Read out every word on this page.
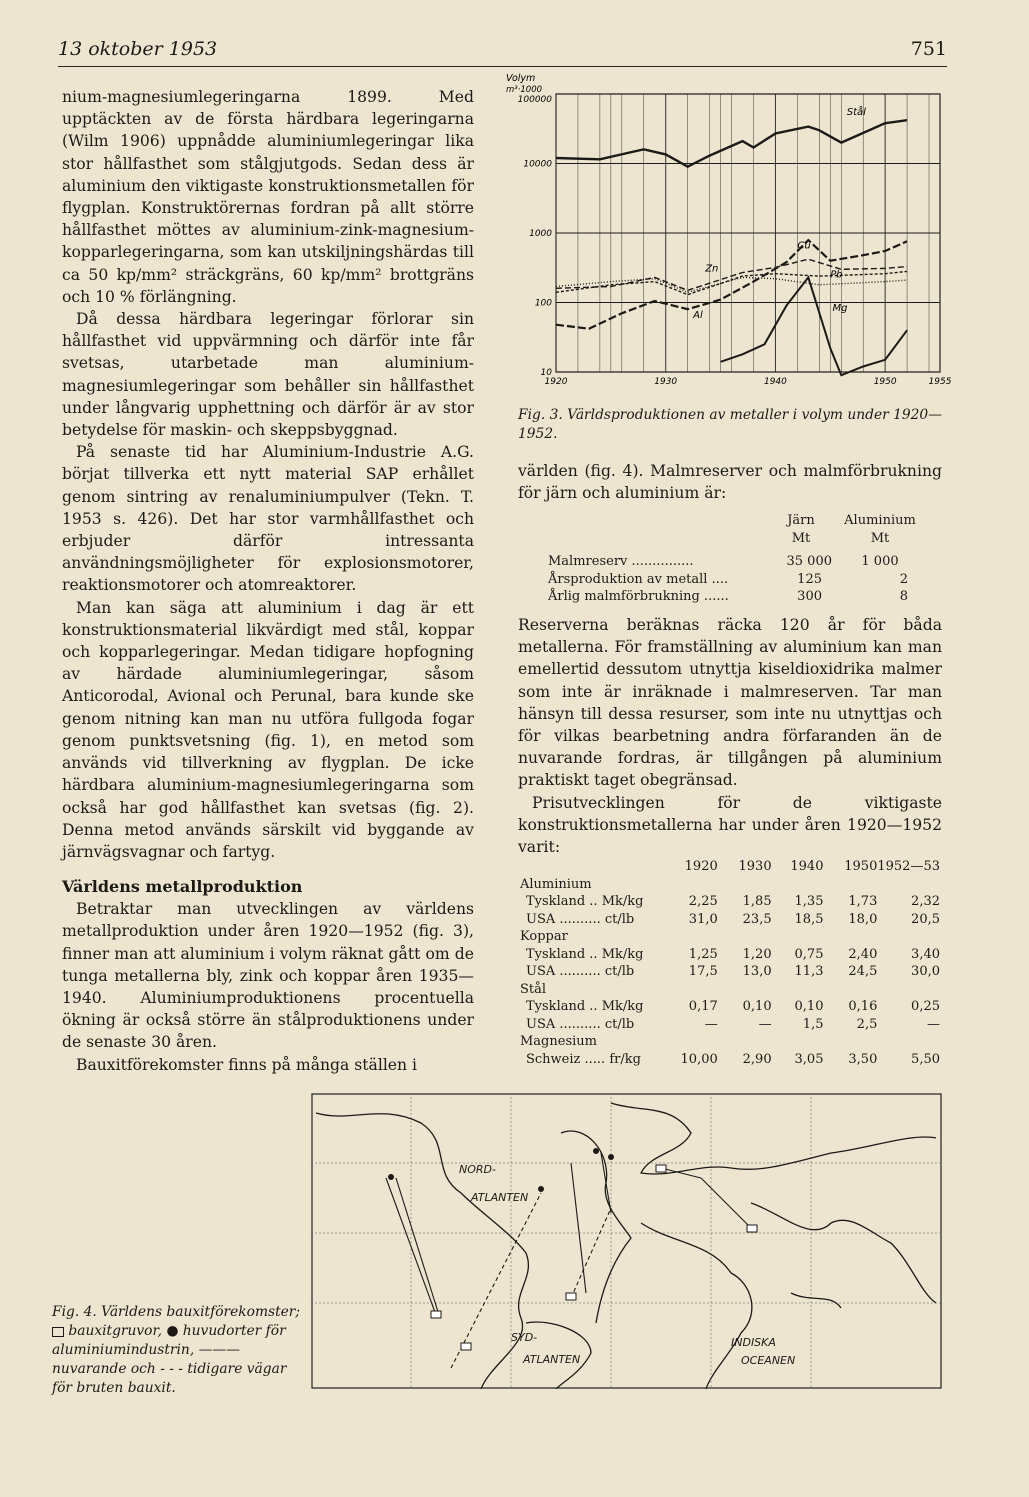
13 oktober 1953	751

nium-magnesiumlegeringarna 1899. Med upptäckten av de första härdbara legeringarna (Wilm 1906) uppnådde aluminiumlegeringar lika stor hållfasthet som stålgjutgods. Sedan dess är aluminium den viktigaste konstruktionsmetallen för flygplan. Konstruktörernas fordran på allt större hållfasthet möttes av aluminium-zink-magnesium-kopparlegeringarna, som kan utskiljningshärdas till ca 50 kp/mm² sträckgräns, 60 kp/mm² brottgräns och 10 % förlängning.

Då dessa härdbara legeringar förlorar sin hållfasthet vid uppvärmning och därför inte får svetsas, utarbetade man aluminium-magnesiumlegeringar som behåller sin hållfasthet under långvarig upphettning och därför är av stor betydelse för maskin- och skeppsbyggnad.

På senaste tid har Aluminium-Industrie A.G. börjat tillverka ett nytt material SAP erhållet genom sintring av renaluminiumpulver (Tekn. T. 1953 s. 426). Det har stor varmhållfasthet och erbjuder därför intressanta användningsmöjligheter för explosionsmotorer, reaktionsmotorer och atomreaktorer.

Man kan säga att aluminium i dag är ett konstruktionsmaterial likvärdigt med stål, koppar och kopparlegeringar. Medan tidigare hopfogning av härdade aluminiumlegeringar, såsom Anticorodal, Avional och Perunal, bara kunde ske genom nitning kan man nu utföra fullgoda fogar genom punktsvetsning (fig. 1), en metod som används vid tillverkning av flygplan. De icke härdbara aluminium-magnesiumlegeringarna som också har god hållfasthet kan svetsas (fig. 2). Denna metod används särskilt vid byggande av järnvägsvagnar och fartyg.

Världens metallproduktion

Betraktar man utvecklingen av världens metallproduktion under åren 1920—1952 (fig. 3), finner man att aluminium i volym räknat gått om de tunga metallerna bly, zink och koppar åren 1935—1940. Aluminiumproduktionens procentuella ökning är också större än stålproduktionens under de senaste 30 åren.

Bauxitförekomster finns på många ställen i

100000
10000
1000
100
10
1920	1930	1940	1950	1955
Stål
Cu
Zn
Pb
Al
Mg
Volym
m³·1000
Fig. 3. Världsproduktionen av metaller i volym under 1920—1952.

världen (fig. 4). Malmreserver och malmförbrukning för järn och aluminium är:

	Järn	Aluminium
	Mt	Mt

Malmreserv ...............	35 000	1 000
Årsproduktion av metall ....	125	2
Årlig malmförbrukning ......	300	8

Reserverna beräknas räcka 120 år för båda metallerna. För framställning av aluminium kan man emellertid dessutom utnyttja kiseldioxidrika malmer som inte är inräknade i malmreserven. Tar man hänsyn till dessa resurser, som inte nu utnyttjas och för vilkas bearbetning andra förfaranden än de nuvarande fordras, är tillgången på aluminium praktiskt taget obegränsad.

Prisutvecklingen för de viktigaste konstruktionsmetallerna har under åren 1920—1952 varit:

	1920	1930	1940	1950	1952—53
Aluminium					
Tyskland .. Mk/kg	2,25	1,85	1,35	1,73	2,32
USA .......... ct/lb	31,0	23,5	18,5	18,0	20,5
Koppar					
Tyskland .. Mk/kg	1,25	1,20	0,75	2,40	3,40
USA .......... ct/lb	17,5	13,0	11,3	24,5	30,0
Stål					
Tyskland .. Mk/kg	0,17	0,10	0,10	0,16	0,25
USA .......... ct/lb	—	—	1,5	2,5	—
Magnesium					
Schweiz ..... fr/kg	10,00	2,90	3,05	3,50	5,50
NORD-
ATLANTEN
SYD-
ATLANTEN
INDISKA
OCEANEN
Fig. 4. Världens bauxitförekomster;  bauxitgruvor, ● huvudorter för aluminiumindustrin, ——— nuvarande och - - - tidigare vägar för bruten bauxit.
